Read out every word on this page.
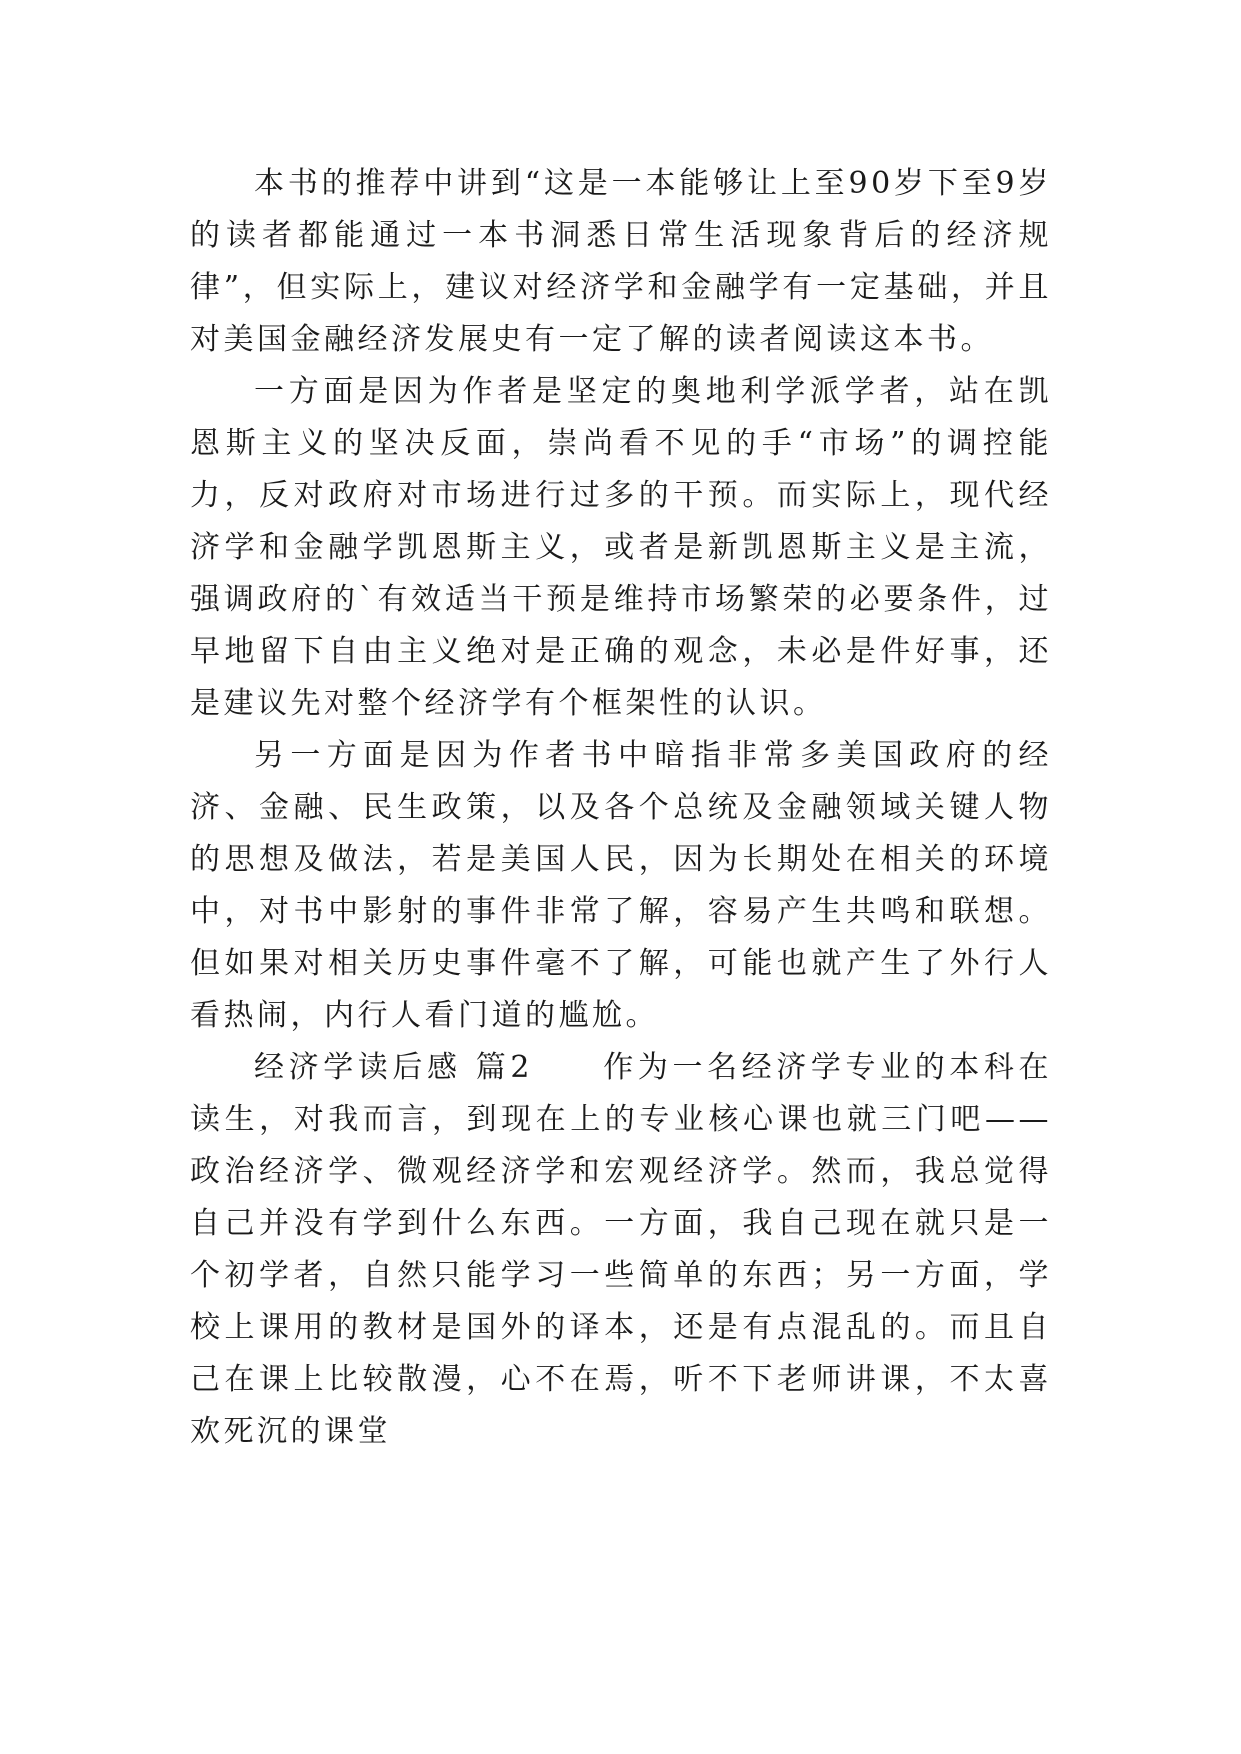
本书的推荐中讲到“这是一本能够让上至90岁下至9岁的读者都能通过一本书洞悉日常生活现象背后的经济规律”，但实际上，建议对经济学和金融学有一定基础，并且对美国金融经济发展史有一定了解的读者阅读这本书。

一方面是因为作者是坚定的奥地利学派学者，站在凯恩斯主义的坚决反面，崇尚看不见的手“市场”的调控能力，反对政府对市场进行过多的干预。而实际上，现代经济学和金融学凯恩斯主义，或者是新凯恩斯主义是主流，强调政府的`有效适当干预是维持市场繁荣的必要条件，过早地留下自由主义绝对是正确的观念，未必是件好事，还是建议先对整个经济学有个框架性的认识。

另一方面是因为作者书中暗指非常多美国政府的经济、金融、民生政策，以及各个总统及金融领域关键人物的思想及做法，若是美国人民，因为长期处在相关的环境中，对书中影射的事件非常了解，容易产生共鸣和联想。但如果对相关历史事件毫不了解，可能也就产生了外行人看热闹，内行人看门道的尴尬。

经济学读后感 篇2　　作为一名经济学专业的本科在读生，对我而言，到现在上的专业核心课也就三门吧——政治经济学、微观经济学和宏观经济学。然而，我总觉得自己并没有学到什么东西。一方面，我自己现在就只是一个初学者，自然只能学习一些简单的东西；另一方面，学校上课用的教材是国外的译本，还是有点混乱的。而且自己在课上比较散漫，心不在焉，听不下老师讲课，不太喜欢死沉的课堂
